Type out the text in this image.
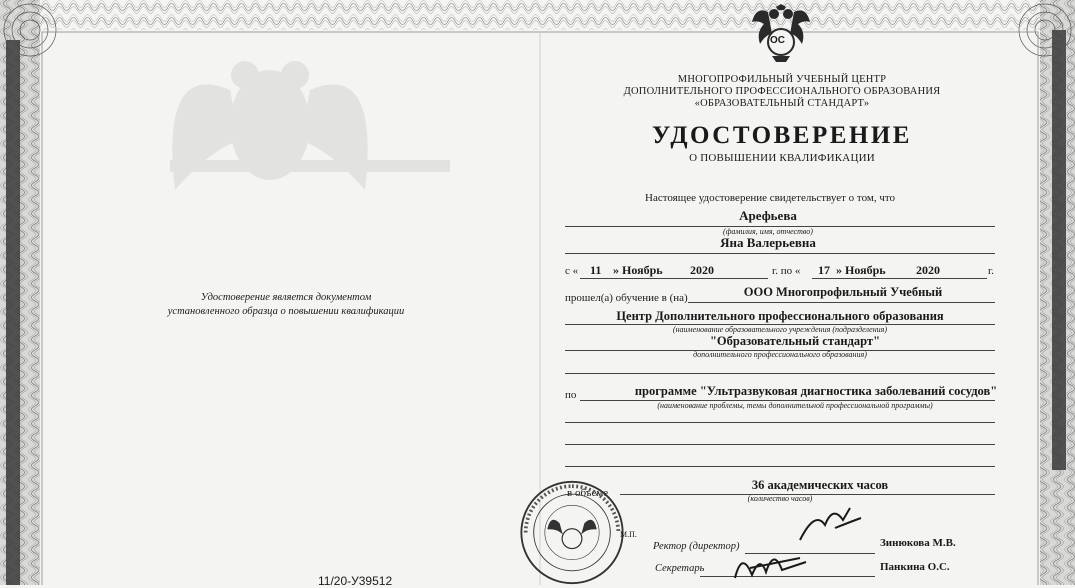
ОС
МНОГОПРОФИЛЬНЫЙ УЧЕБНЫЙ ЦЕНТР
ДОПОЛНИТЕЛЬНОГО ПРОФЕССИОНАЛЬНОГО ОБРАЗОВАНИЯ
«ОБРАЗОВАТЕЛЬНЫЙ СТАНДАРТ»
УДОСТОВЕРЕНИЕ
О ПОВЫШЕНИИ КВАЛИФИКАЦИИ
Настоящее удостоверение свидетельствует о том, что
Арефьева
(фамилия, имя, отчество)
Яна Валерьевна
с « 11 » Ноябрь 2020	г. по « 17 » Ноябрь	2020	г.
прошел(а) обучение в (на)	ООО Многопрофильный Учебный
Центр Дополнительного профессионального образования
(наименование образовательного учреждения (подразделения)
"Образовательный стандарт"
дополнительного профессионального образования)
по	программе "Ультразвуковая диагностика заболеваний сосудов"
(наименование проблемы, темы дополнительной профессиональной программы)
в объеме
36 академических часов
(количество часов)
М.П.
Ректор (директор)	Зинюкова М.В.
Секретарь	Панкина О.С.
Удостоверение является документом
установленного образца о повышении квалификации
11/20-У39512
